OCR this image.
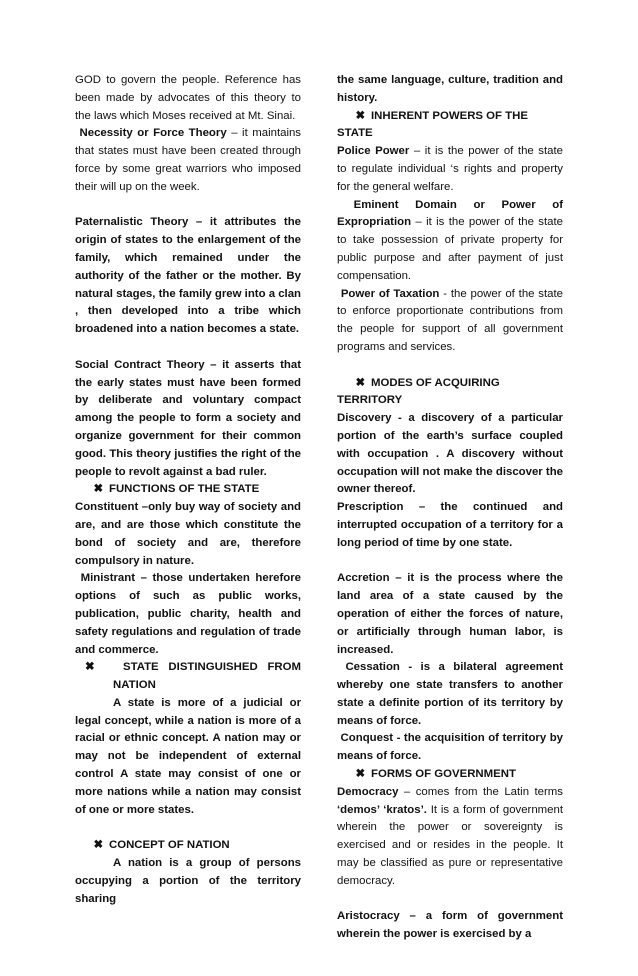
GOD to govern the people. Reference has been made by advocates of this theory to the laws which Moses received at Mt. Sinai.

Necessity or Force Theory – it maintains that states must have been created through force by some great warriors who imposed their will up on the week.

Paternalistic Theory – it attributes the origin of states to the enlargement of the family, which remained under the authority of the father or the mother. By natural stages, the family grew into a clan , then developed into a tribe which broadened into a nation becomes a state.

Social Contract Theory – it asserts that the early states must have been formed by deliberate and voluntary compact among the people to form a society and organize government for their common good. This theory justifies the right of the people to revolt against a bad ruler.

✖ FUNCTIONS OF THE STATE

Constituent –only buy way of society and are, and are those which constitute the bond of society and are, therefore compulsory in nature.

Ministrant – those undertaken herefore options of such as public works, publication, public charity, health and safety regulations and regulation of trade and commerce.

✖	STATE DISTINGUISHED FROM
NATION

A state is more of a judicial or legal concept, while a nation is more of a racial or ethnic concept. A nation may or may not be independent of external control A state may consist of one or more nations while a nation may consist of one or more states.

✖ CONCEPT OF NATION

A nation is a group of persons occupying a portion of the territory sharing

the same language, culture, tradition and history.

✖ INHERENT POWERS OF THE STATE

Police Power – it is the power of the state to regulate individual ‘s rights and property for the general welfare.

Eminent Domain or Power of Expropriation – it is the power of the state to take possession of private property for public purpose and after payment of just compensation.

Power of Taxation - the power of the state to enforce proportionate contributions from the people for support of all government programs and services.

✖ MODES OF ACQUIRING TERRITORY

Discovery - a discovery of a particular portion of the earth’s surface coupled with occupation . A discovery without occupation will not make the discover the owner thereof.

Prescription – the continued and interrupted occupation of a territory for a long period of time by one state.

Accretion – it is the process where the land area of a state caused by the operation of either the forces of nature, or artificially through human labor, is increased.

Cessation - is a bilateral agreement whereby one state transfers to another state a definite portion of its territory by means of force.

Conquest - the acquisition of territory by means of force.

✖ FORMS OF GOVERNMENT

Democracy – comes from the Latin terms ‘demos’ ‘kratos’. It is a form of government wherein the power or sovereignty is exercised and or resides in the people. It may be classified as pure or representative democracy.

Aristocracy – a form of government wherein the power is exercised by a
